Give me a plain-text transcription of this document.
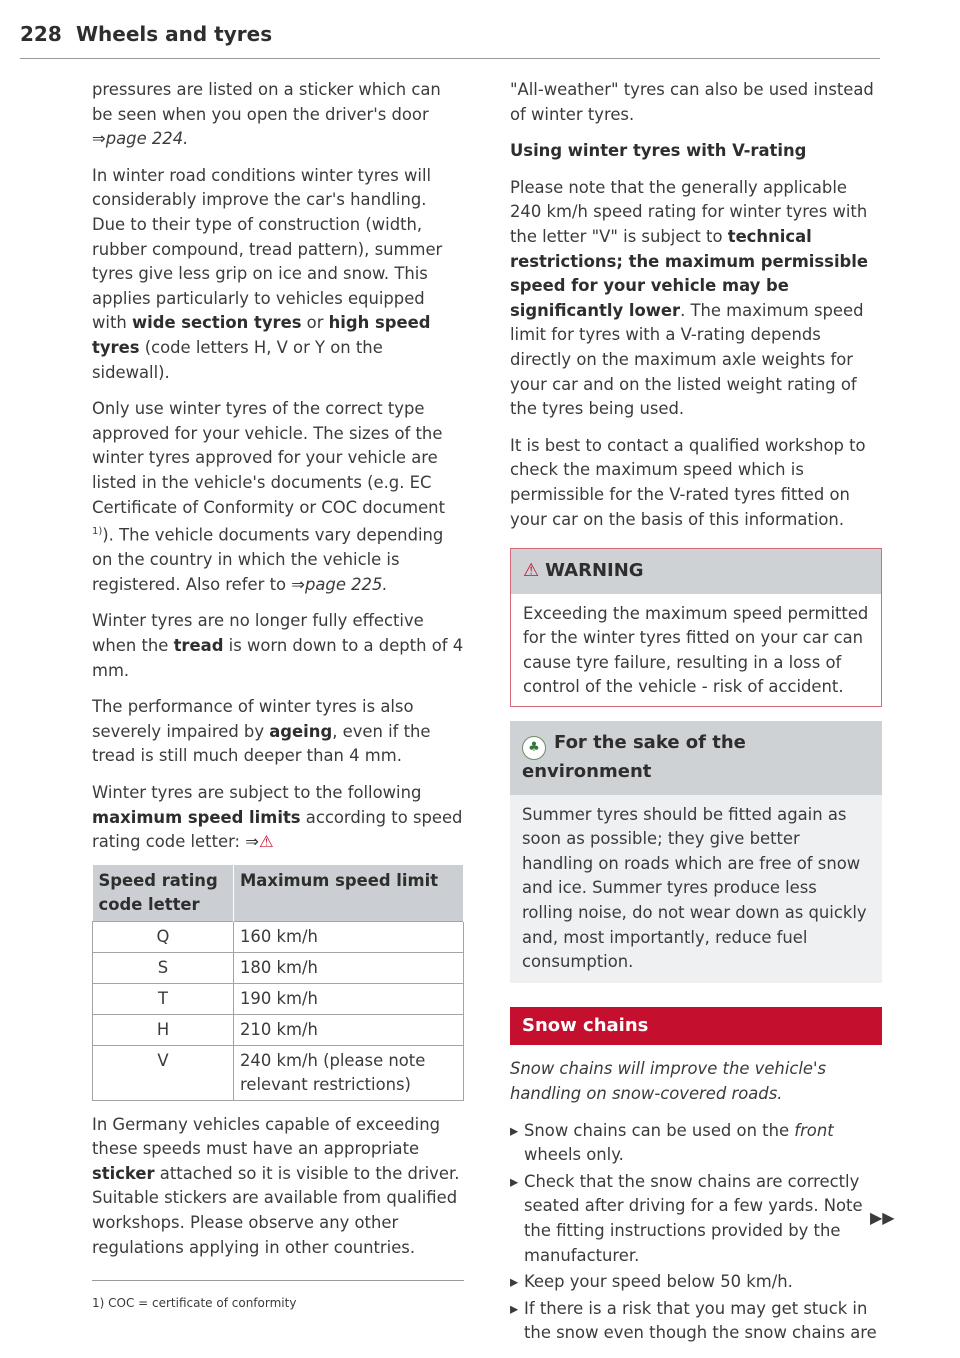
228 Wheels and tyres

pressures are listed on a sticker which can be seen when you open the driver's door ⇒page 224.

In winter road conditions winter tyres will considerably improve the car's handling. Due to their type of construction (width, rubber compound, tread pattern), summer tyres give less grip on ice and snow. This applies particularly to vehicles equipped with wide section tyres or high speed tyres (code letters H, V or Y on the sidewall).

Only use winter tyres of the correct type approved for your vehicle. The sizes of the winter tyres approved for your vehicle are listed in the vehicle's documents (e.g. EC Certificate of Conformity or COC document $^{1)}$). The vehicle documents vary depending on the country in which the vehicle is registered. Also refer to ⇒page 225.

Winter tyres are no longer fully effective when the tread is worn down to a depth of 4 mm.

The performance of winter tyres is also severely impaired by ageing, even if the tread is still much deeper than 4 mm.

Winter tyres are subject to the following maximum speed limits according to speed rating code letter: ⇒⚠

Speed rating code letter	Maximum speed limit
Q	160 km/h
S	180 km/h
T	190 km/h
H	210 km/h
V	240 km/h (please note relevant restrictions)

In Germany vehicles capable of exceeding these speeds must have an appropriate sticker attached so it is visible to the driver. Suitable stickers are available from qualified workshops. Please observe any other regulations applying in other countries.

1) COC = certificate of conformity

"All-weather" tyres can also be used instead of winter tyres.

Using winter tyres with V-rating

Please note that the generally applicable 240 km/h speed rating for winter tyres with the letter "V" is subject to technical restrictions; the maximum permissible speed for your vehicle may be significantly lower. The maximum speed limit for tyres with a V-rating depends directly on the maximum axle weights for your car and on the listed weight rating of the tyres being used.

It is best to contact a qualified workshop to check the maximum speed which is permissible for the V-rated tyres fitted on your car on the basis of this information.

⚠ WARNING
Exceeding the maximum speed permitted for the winter tyres fitted on your car can cause tyre failure, resulting in a loss of control of the vehicle - risk of accident.
♣ For the sake of the environment
Summer tyres should be fitted again as soon as possible; they give better handling on roads which are free of snow and ice. Summer tyres produce less rolling noise, do not wear down as quickly and, most importantly, reduce fuel consumption.
Snow chains

Snow chains will improve the vehicle's handling on snow-covered roads.

▸ Snow chains can be used on the front wheels only.
▸ Check that the snow chains are correctly seated after driving for a few yards. Note the fitting instructions provided by the manufacturer.
▸ Keep your speed below 50 km/h.
▸ If there is a risk that you may get stuck in the snow even though the snow chains are
▶▶
